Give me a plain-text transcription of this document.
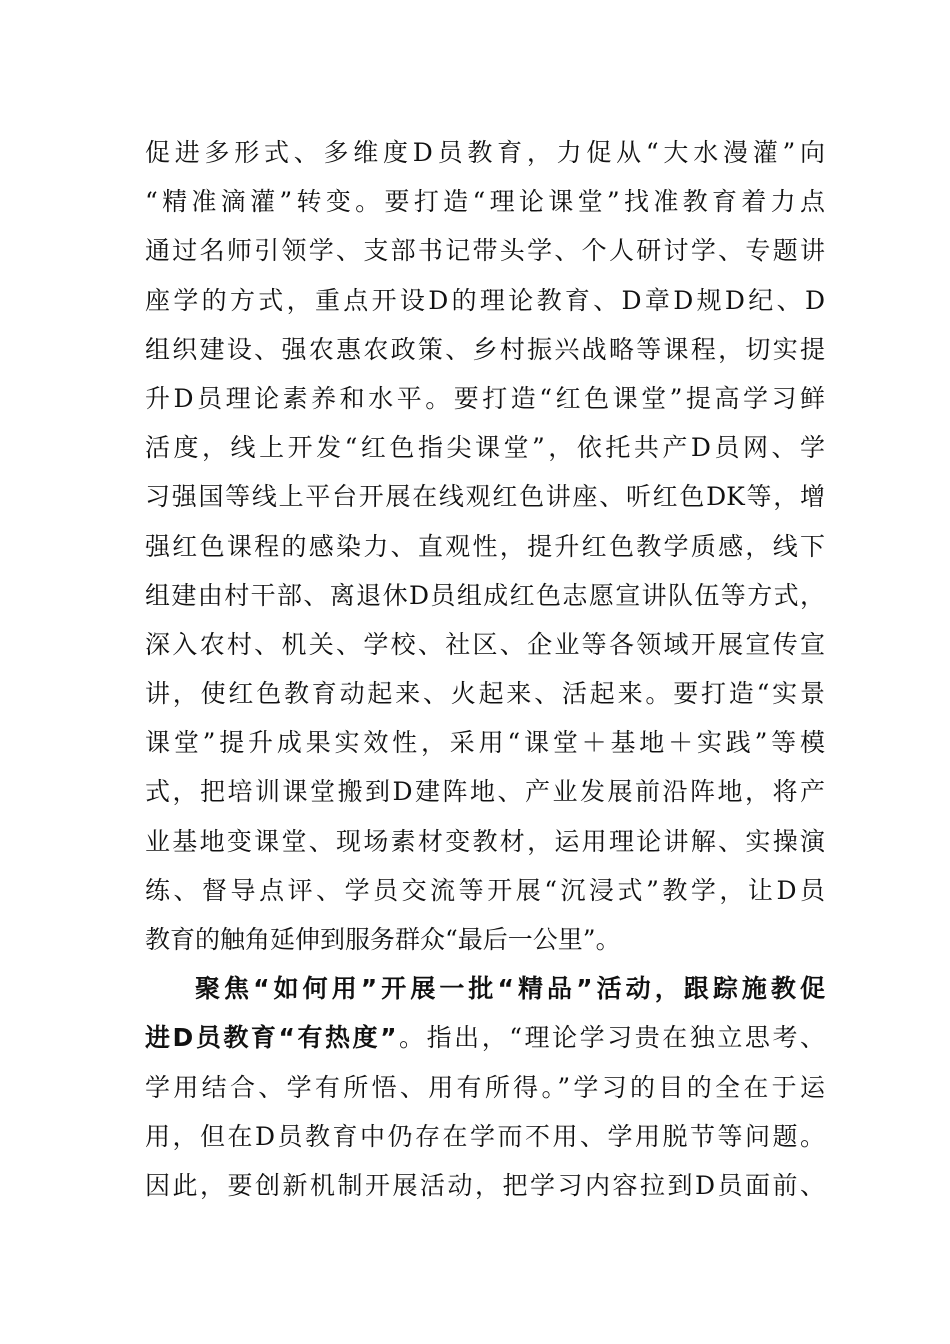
促进多形式、多维度D员教育，力促从“大水漫灌”向
“精准滴灌”转变。要打造“理论课堂”找准教育着力点
通过名师引领学、支部书记带头学、个人研讨学、专题讲
座学的方式，重点开设D的理论教育、D章D规D纪、D
组织建设、强农惠农政策、乡村振兴战略等课程，切实提
升D员理论素养和水平。要打造“红色课堂”提高学习鲜
活度，线上开发“红色指尖课堂”，依托共产D员网、学
习强国等线上平台开展在线观红色讲座、听红色DK等，增
强红色课程的感染力、直观性，提升红色教学质感，线下
组建由村干部、离退休D员组成红色志愿宣讲队伍等方式，
深入农村、机关、学校、社区、企业等各领域开展宣传宣
讲，使红色教育动起来、火起来、活起来。要打造“实景
课堂”提升成果实效性，采用“课堂＋基地＋实践”等模
式，把培训课堂搬到D建阵地、产业发展前沿阵地，将产
业基地变课堂、现场素材变教材，运用理论讲解、实操演
练、督导点评、学员交流等开展“沉浸式”教学，让D员
教育的触角延伸到服务群众“最后一公里”。
聚焦“如何用”开展一批“精品”活动，跟踪施教促
进D员教育“有热度”。指出，“理论学习贵在独立思考、
学用结合、学有所悟、用有所得。”学习的目的全在于运
用，但在D员教育中仍存在学而不用、学用脱节等问题。
因此，要创新机制开展活动，把学习内容拉到D员面前、
